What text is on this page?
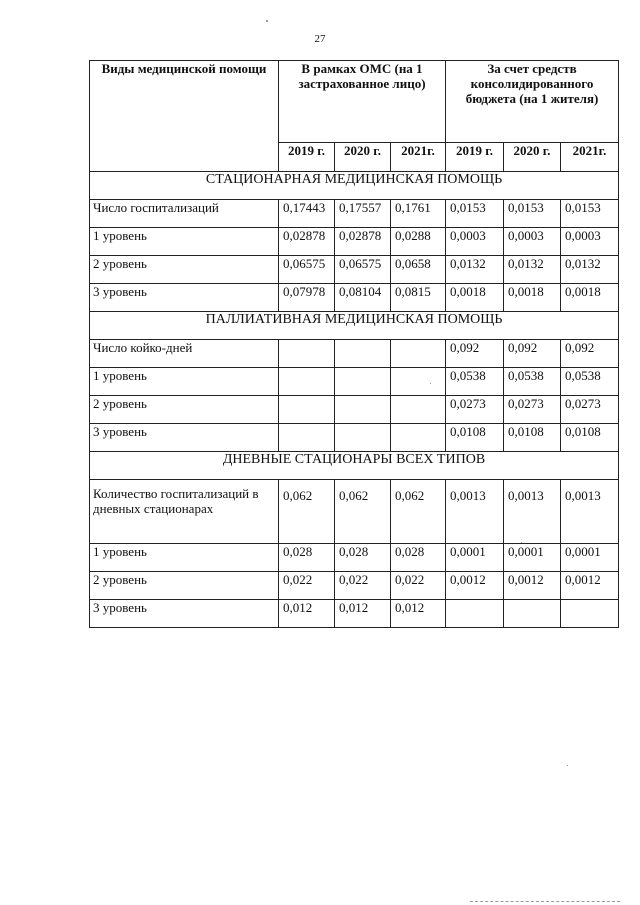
27
Виды медицинской помощи	В рамках ОМС (на 1 застрахованное лицо)			За счет средств консолидированного бюджета (на 1 жителя)		
	2019 г.	2020 г.	2021г.	2019 г.	2020 г.	2021г.
СТАЦИОНАРНАЯ МЕДИЦИНСКАЯ ПОМОЩЬ						
Число госпитализаций	0,17443	0,17557	0,1761	0,0153	0,0153	0,0153
1 уровень	0,02878	0,02878	0,0288	0,0003	0,0003	0,0003
2 уровень	0,06575	0,06575	0,0658	0,0132	0,0132	0,0132
3 уровень	0,07978	0,08104	0,0815	0,0018	0,0018	0,0018
ПАЛЛИАТИВНАЯ МЕДИЦИНСКАЯ ПОМОЩЬ						
Число койко-дней				0,092	0,092	0,092
1 уровень				0,0538	0,0538	0,0538
2 уровень				0,0273	0,0273	0,0273
3 уровень				0,0108	0,0108	0,0108
ДНЕВНЫЕ СТАЦИОНАРЫ ВСЕХ ТИПОВ						
Количество госпитализаций в дневных стационарах	0,062	0,062	0,062	0,0013	0,0013	0,0013
1 уровень	0,028	0,028	0,028	0,0001	0,0001	0,0001
2 уровень	0,022	0,022	0,022	0,0012	0,0012	0,0012
3 уровень	0,012	0,012	0,012			
